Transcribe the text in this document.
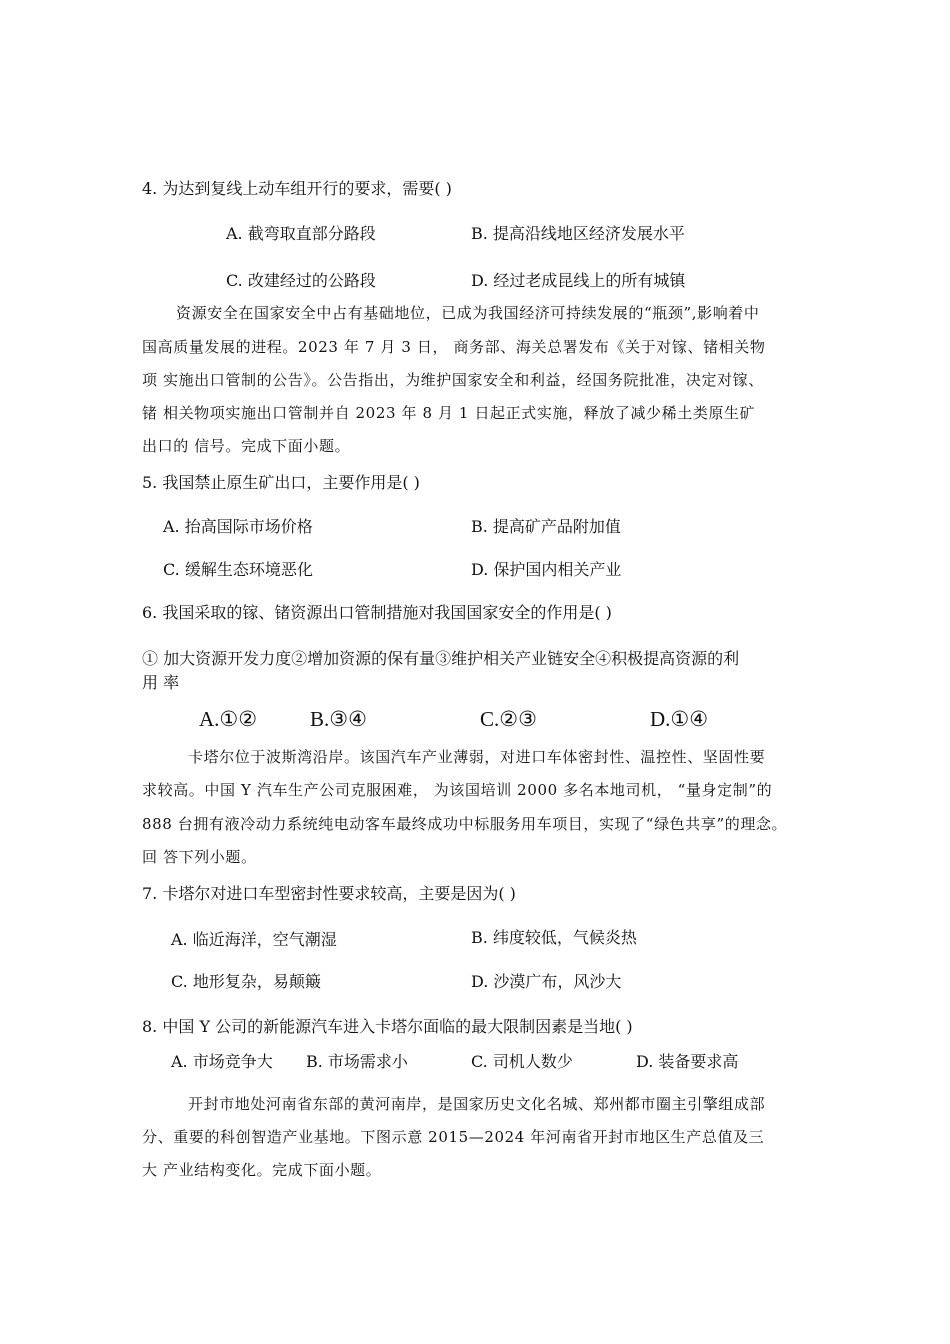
4. 为达到复线上动车组开行的要求，需要( )
A. 截弯取直部分路段	B. 提高沿线地区经济发展水平
C. 改建经过的公路段	D. 经过老成昆线上的所有城镇
资源安全在国家安全中占有基础地位，已成为我国经济可持续发展的“瓶颈”,影响着中
国高质量发展的进程。2023 年 7 月 3 日， 商务部、海关总署发布《关于对镓、锗相关物
项 实施出口管制的公告》。公告指出，为维护国家安全和利益，经国务院批准，决定对镓、
锗 相关物项实施出口管制并自 2023 年 8 月 1 日起正式实施，释放了减少稀土类原生矿
出口的 信号。完成下面小题。
5. 我国禁止原生矿出口，主要作用是( )
A. 抬高国际市场价格	B. 提高矿产品附加值
C. 缓解生态环境恶化	D. 保护国内相关产业
6. 我国采取的镓、锗资源出口管制措施对我国国家安全的作用是( )
① 加大资源开发力度②增加资源的保有量③维护相关产业链安全④积极提高资源的利
用 率
A.①②	B.③④	C.②③	D.①④
卡塔尔位于波斯湾沿岸。该国汽车产业薄弱，对进口车体密封性、温控性、坚固性要
求较高。中国 Y 汽车生产公司克服困难， 为该国培训 2000 多名本地司机， “量身定制”的
888 台拥有液冷动力系统纯电动客车最终成功中标服务用车项目，实现了“绿色共享”的理念。
回 答下列小题。
7. 卡塔尔对进口车型密封性要求较高，主要是因为( )
A. 临近海洋，空气潮湿	B. 纬度较低，气候炎热
C. 地形复杂，易颠簸	D. 沙漠广布，风沙大
8. 中国 Y 公司的新能源汽车进入卡塔尔面临的最大限制因素是当地( )
A. 市场竞争大 B. 市场需求小	C. 司机人数少	D. 装备要求高
开封市地处河南省东部的黄河南岸，是国家历史文化名城、郑州都市圈主引擎组成部
分、重要的科创智造产业基地。下图示意 2015—2024 年河南省开封市地区生产总值及三
大 产业结构变化。完成下面小题。
